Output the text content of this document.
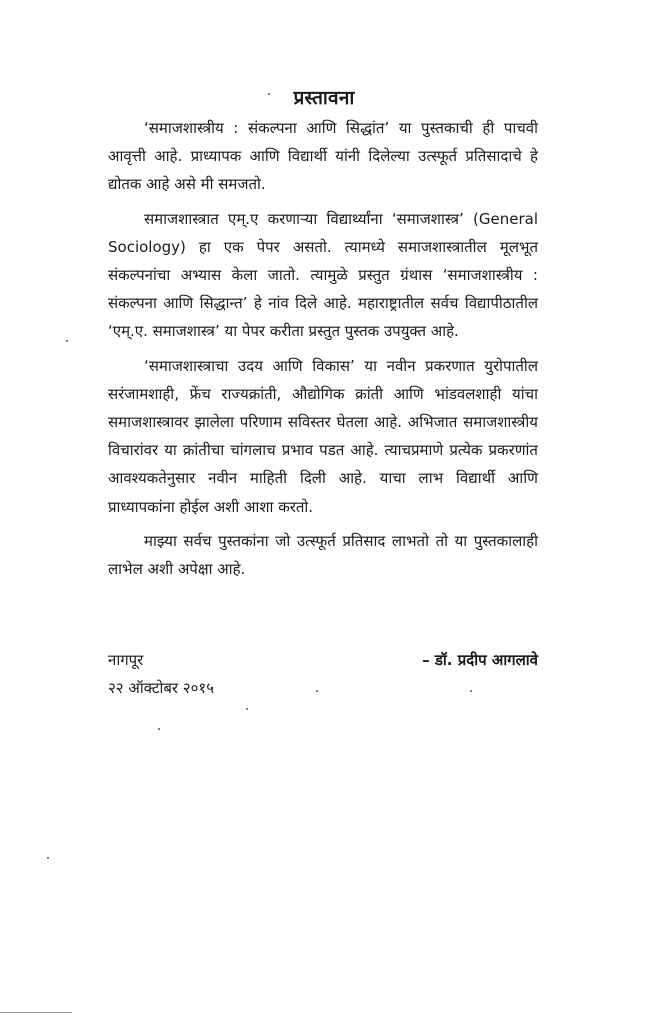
प्रस्तावना

‘समाजशास्त्रीय : संकल्पना आणि सिद्धांत’ या पुस्तकाची ही पाचवी आवृत्ती आहे. प्राध्यापक आणि विद्यार्थी यांनी दिलेल्या उत्स्फूर्त प्रतिसादाचे हे द्योतक आहे असे मी समजतो.

समाजशास्त्रात एम्.ए करणाऱ्या विद्यार्थ्यांना ‘समाजशास्त्र’ (General Sociology) हा एक पेपर असतो. त्यामध्ये समाजशास्त्रातील मूलभूत संकल्पनांचा अभ्यास केला जातो. त्यामुळे प्रस्तुत ग्रंथास ‘समाजशास्त्रीय : संकल्पना आणि सिद्धान्त’ हे नांव दिले आहे. महाराष्ट्रातील सर्वच विद्यापीठातील ‘एम्.ए. समाजशास्त्र’ या पेपर करीता प्रस्तुत पुस्तक उपयुक्त आहे.

‘समाजशास्त्राचा उदय आणि विकास’ या नवीन प्रकरणात युरोपातील सरंजामशाही, फ्रेंच राज्यक्रांती, औद्योगिक क्रांती आणि भांडवलशाही यांचा समाजशास्त्रावर झालेला परिणाम सविस्तर घेतला आहे. अभिजात समाजशास्त्रीय विचारांवर या क्रांतीचा चांगलाच प्रभाव पडत आहे. त्याचप्रमाणे प्रत्येक प्रकरणांत आवश्यकतेनुसार नवीन माहिती दिली आहे. याचा लाभ विद्यार्थी आणि प्राध्यापकांना होईल अशी आशा करतो.

माझ्या सर्वच पुस्तकांना जो उत्स्फूर्त प्रतिसाद लाभतो तो या पुस्तकालाही लाभेल अशी अपेक्षा आहे.

नागपूर
२२ ऑक्टोबर २०१५
– डॉ. प्रदीप आगलावे
